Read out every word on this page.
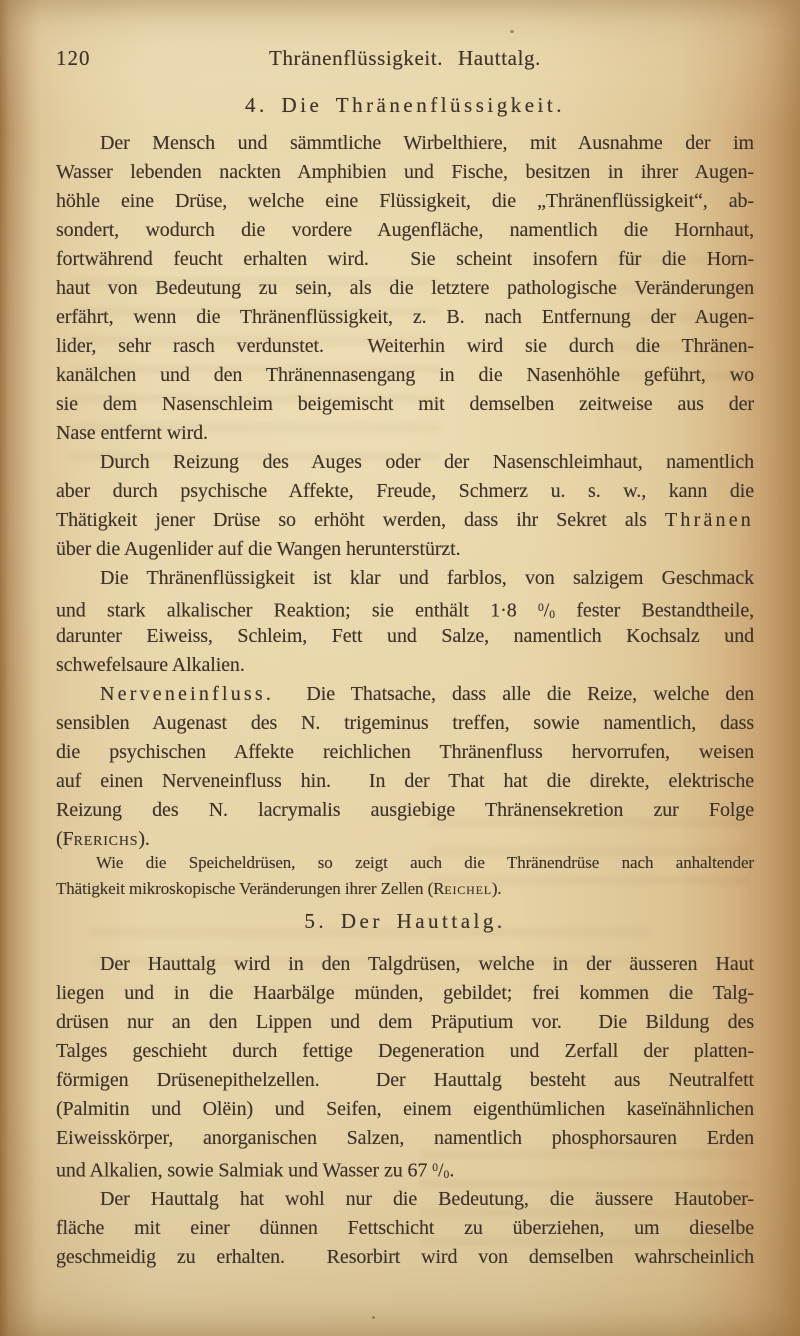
120	Thränenflüssigkeit. Hauttalg.
4. Die Thränenflüssigkeit.
Der Mensch und sämmtliche Wirbelthiere, mit Ausnahme der im
Wasser lebenden nackten Amphibien und Fische, besitzen in ihrer Augen-
höhle eine Drüse, welche eine Flüssigkeit, die „Thränenflüssigkeit“, ab-
sondert, wodurch die vordere Augenfläche, namentlich die Hornhaut,
fortwährend feucht erhalten wird.  Sie scheint insofern für die Horn-
haut von Bedeutung zu sein, als die letztere pathologische Veränderungen
erfährt, wenn die Thränenflüssigkeit, z. B. nach Entfernung der Augen-
lider, sehr rasch verdunstet.  Weiterhin wird sie durch die Thränen-
kanälchen und den Thränennasengang in die Nasenhöhle geführt, wo
sie dem Nasenschleim beigemischt mit demselben zeitweise aus der
Nase entfernt wird.
Durch Reizung des Auges oder der Nasenschleimhaut, namentlich
aber durch psychische Affekte, Freude, Schmerz u. s. w., kann die
Thätigkeit jener Drüse so erhöht werden, dass ihr Sekret als Thränen
über die Augenlider auf die Wangen herunterstürzt.
Die Thränenflüssigkeit ist klar und farblos, von salzigem Geschmack
und stark alkalischer Reaktion; sie enthält 1·8 $^0$/0 fester Bestandtheile,
darunter Eiweiss, Schleim, Fett und Salze, namentlich Kochsalz und
schwefelsaure Alkalien.
Nerveneinfluss.  Die Thatsache, dass alle die Reize, welche den
sensiblen Augenast des N. trigeminus treffen, sowie namentlich, dass
die psychischen Affekte reichlichen Thränenfluss hervorrufen, weisen
auf einen Nerveneinfluss hin.  In der That hat die direkte, elektrische
Reizung des N. lacrymalis ausgiebige Thränensekretion zur Folge
(Frerichs).
Wie die Speicheldrüsen, so zeigt auch die Thränendrüse nach anhaltender
Thätigkeit mikroskopische Veränderungen ihrer Zellen (Reichel).
5. Der Hauttalg.
Der Hauttalg wird in den Talgdrüsen, welche in der äusseren Haut
liegen und in die Haarbälge münden, gebildet; frei kommen die Talg-
drüsen nur an den Lippen und dem Präputium vor.  Die Bildung des
Talges geschieht durch fettige Degeneration und Zerfall der platten-
förmigen Drüsenepithelzellen.  Der Hauttalg besteht aus Neutralfett
(Palmitin und Olëin) und Seifen, einem eigenthümlichen kaseïnähnlichen
Eiweisskörper, anorganischen Salzen, namentlich phosphorsauren Erden
und Alkalien, sowie Salmiak und Wasser zu 67 $^0$/0.
Der Hauttalg hat wohl nur die Bedeutung, die äussere Hautober-
fläche mit einer dünnen Fettschicht zu überziehen, um dieselbe
geschmeidig zu erhalten.  Resorbirt wird von demselben wahrscheinlich
